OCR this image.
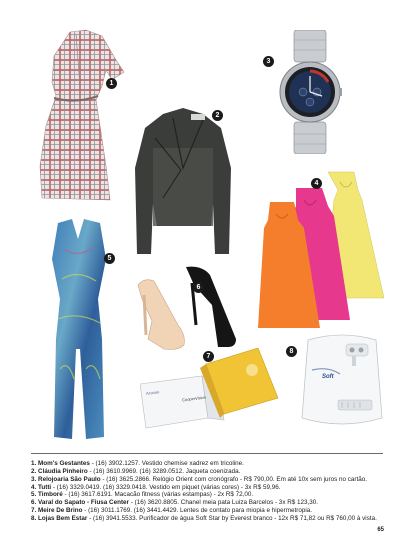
1
2
3
4
5
6
Acuvue
CooperVision
7
Soft
8
1. Mom's Gestantes - (16) 3902.1257. Vestido chemise xadrez em tricoline.
2. Cláudia Pinheiro - (16) 3610.9969. (16) 3289.0512. Jaqueta coenizada.
3. Relojoaria São Paulo - (16) 3625.2866. Relógio Orient com cronógrafo - R$ 790,00. Em até 10x sem juros no cartão.
4. Tutti - (16) 3329.0419. (16) 3329.0418. Vestido em piquet (várias cores) - 3x R$ 59,96.
5. Timboré - (16) 3617.6191. Macacão fitness (várias estampas) - 2x R$ 72,00.
6. Varal do Sapato - Fiusa Center - (16) 3620.8805. Chanel meia pata Luiza Barcelos - 3x R$ 123,30.
7. Meire De Brino - (16) 3011.1769. (16) 3441.4429. Lentes de contato para miopia e hipermetropia.
8. Lojas Bem Estar - (16) 3941.5533. Purificador de água Soft Star by Everest branco - 12x R$ 71,82 ou R$ 760,00 à vista.
65
